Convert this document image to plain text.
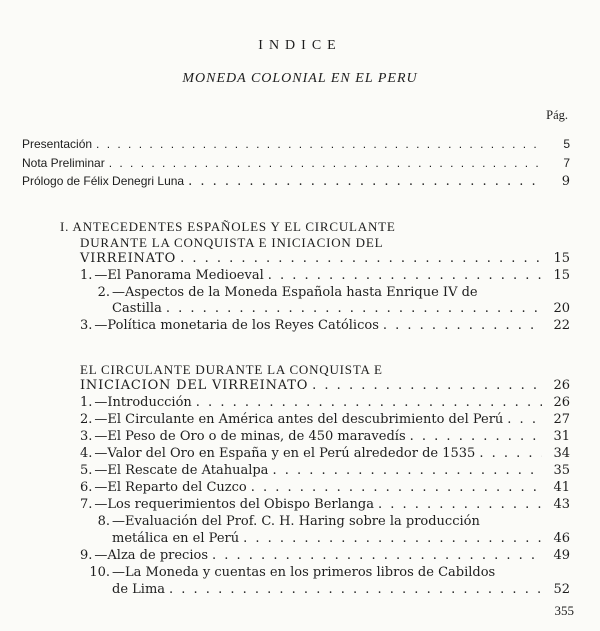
INDICE
MONEDA COLONIAL EN EL PERU
Pág.
Presentación . . .	5
Nota Preliminar . . .	7
Prólogo de Félix Denegri Luna . . .	9
I. ANTECEDENTES ESPAÑOLES Y EL CIRCULANTE
DURANTE LA CONQUISTA E INICIACION DEL
VIRREINATO . . .	15
1. —El Panorama Medioeval . . .	15
2. —Aspectos de la Moneda Española hasta Enrique IV de
Castilla . . .	20
3. —Política monetaria de los Reyes Católicos . . .	22
EL CIRCULANTE DURANTE LA CONQUISTA E
INICIACION DEL VIRREINATO . . .	26
1. —Introducción . . .	26
2. —El Circulante en América antes del descubrimiento del Perú . . .	27
3. —El Peso de Oro o de minas, de 450 maravedís . . .	31
4. —Valor del Oro en España y en el Perú alrededor de 1535 . . .	34
5. —El Rescate de Atahualpa . . .	35
6. —El Reparto del Cuzco . . .	41
7. —Los requerimientos del Obispo Berlanga . . .	43
8. —Evaluación del Prof. C. H. Haring sobre la producción
metálica en el Perú . . .	46
9. —Alza de precios . . .	49
10. —La Moneda y cuentas en los primeros libros de Cabildos
de Lima . . .	52
355
